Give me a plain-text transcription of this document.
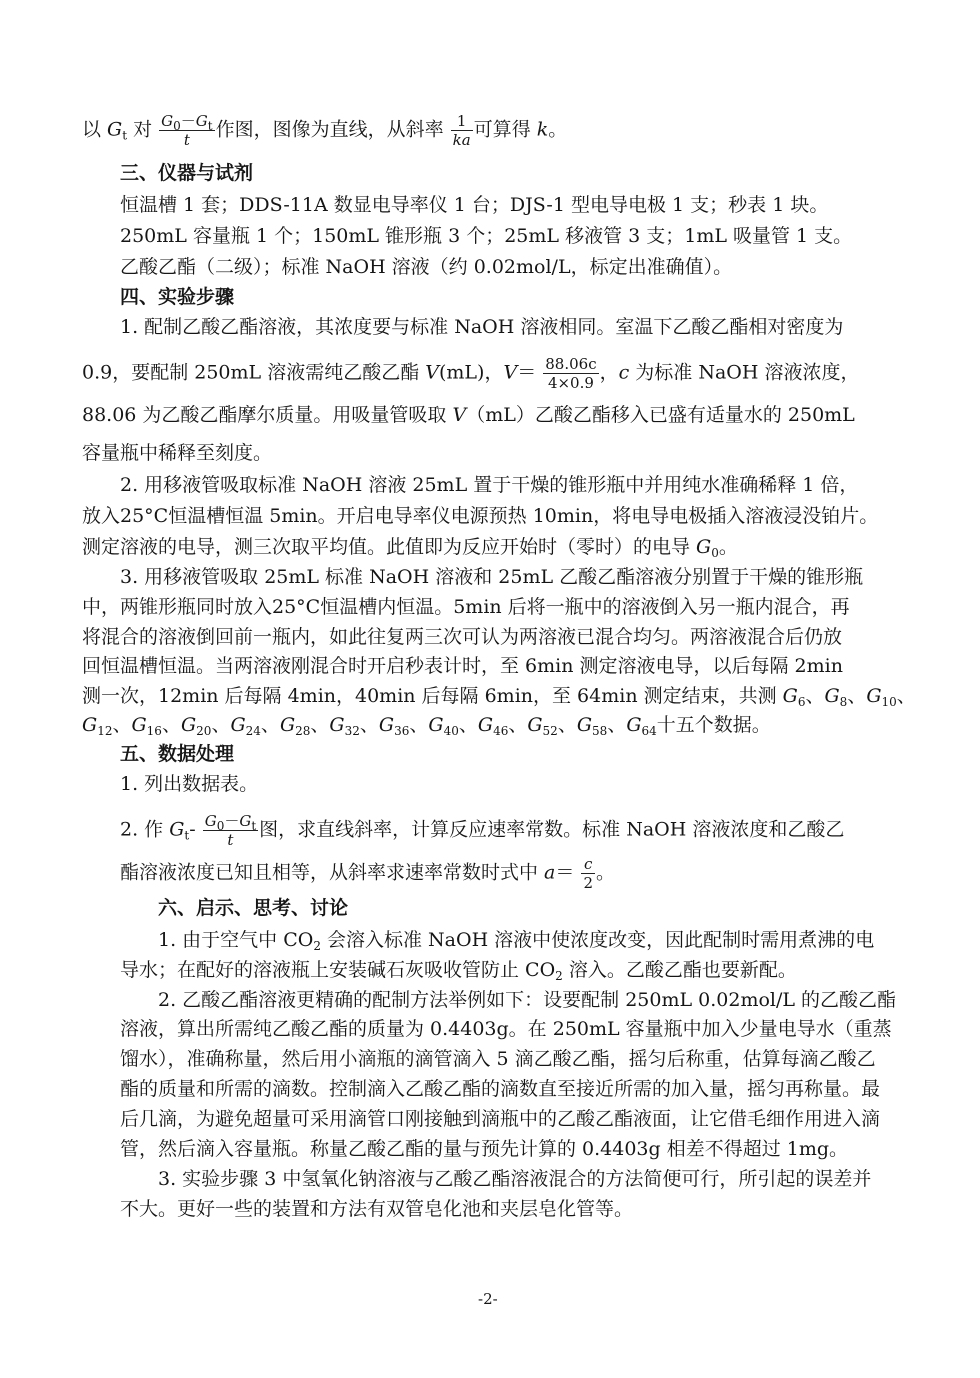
以 $G_t$ 对 $\frac{G_0-G_t}{t}$ 作图，图像为直线，从斜率 $\frac{1}{ka}$ 可算得 k。
三、仪器与试剂
恒温槽 1 套；DDS-11A 数显电导率仪 1 台；DJS-1 型电导电极 1 支；秒表 1 块。
250mL 容量瓶 1 个；150mL 锥形瓶 3 个；25mL 移液管 3 支；1mL 吸量管 1 支。
乙酸乙酯（二级）；标准 NaOH 溶液（约 0.02mol/L，标定出准确值）。
四、实验步骤
1. 配制乙酸乙酯溶液，其浓度要与标准 NaOH 溶液相同。室温下乙酸乙酯相对密度为
0.9，要配制 250mL 溶液需纯乙酸乙酯 V(mL)，$V= \frac{88.06c}{4\times 0.9}$ ，c 为标准 NaOH 溶液浓度，
88.06 为乙酸乙酯摩尔质量。用吸量管吸取 V（mL）乙酸乙酯移入已盛有适量水的 250mL
容量瓶中稀释至刻度。
2. 用移液管吸取标准 NaOH 溶液 25mL 置于干燥的锥形瓶中并用纯水准确稀释 1 倍，
放入25°C恒温槽恒温 5min。开启电导率仪电源预热 10min，将电导电极插入溶液浸没铂片。
测定溶液的电导，测三次取平均值。此值即为反应开始时（零时）的电导 $G_0$。
3. 用移液管吸取 25mL 标准 NaOH 溶液和 25mL 乙酸乙酯溶液分别置于干燥的锥形瓶
中，两锥形瓶同时放入25°C恒温槽内恒温。5min 后将一瓶中的溶液倒入另一瓶内混合，再
将混合的溶液倒回前一瓶内，如此往复两三次可认为两溶液已混合均匀。两溶液混合后仍放
回恒温槽恒温。当两溶液刚混合时开启秒表计时，至 6min 测定溶液电导，以后每隔 2min
测一次，12min 后每隔 4min，40min 后每隔 6min，至 64min 测定结束，共测 $G_6$、$G_8$、$G_{10}$、
$G_{12}$、$G_{16}$、$G_{20}$、$G_{24}$、$G_{28}$、$G_{32}$、$G_{36}$、$G_{40}$、$G_{46}$、$G_{52}$、$G_{58}$、$G_{64}$十五个数据。
五、数据处理
1. 列出数据表。
2. 作 $G_t- \frac{G_0-G_t}{t}$ 图，求直线斜率，计算反应速率常数。标准 NaOH 溶液浓度和乙酸乙
酯溶液浓度已知且相等，从斜率求速率常数时式中 $a= \frac{c}{2}$ 。
六、启示、思考、讨论
1. 由于空气中 $CO_2$ 会溶入标准 NaOH 溶液中使浓度改变，因此配制时需用煮沸的电
导水；在配好的溶液瓶上安装碱石灰吸收管防止 $CO_2$ 溶入。乙酸乙酯也要新配。
2. 乙酸乙酯溶液更精确的配制方法举例如下：设要配制 250mL 0.02mol/L 的乙酸乙酯
溶液，算出所需纯乙酸乙酯的质量为 0.4403g。在 250mL 容量瓶中加入少量电导水（重蒸
馏水），准确称量，然后用小滴瓶的滴管滴入 5 滴乙酸乙酯，摇匀后称重，估算每滴乙酸乙
酯的质量和所需的滴数。控制滴入乙酸乙酯的滴数直至接近所需的加入量，摇匀再称量。最
后几滴，为避免超量可采用滴管口刚接触到滴瓶中的乙酸乙酯液面，让它借毛细作用进入滴
管，然后滴入容量瓶。称量乙酸乙酯的量与预先计算的 0.4403g 相差不得超过 1mg。
3. 实验步骤 3 中氢氧化钠溶液与乙酸乙酯溶液混合的方法简便可行，所引起的误差并
不大。更好一些的装置和方法有双管皂化池和夹层皂化管等。
-2-
